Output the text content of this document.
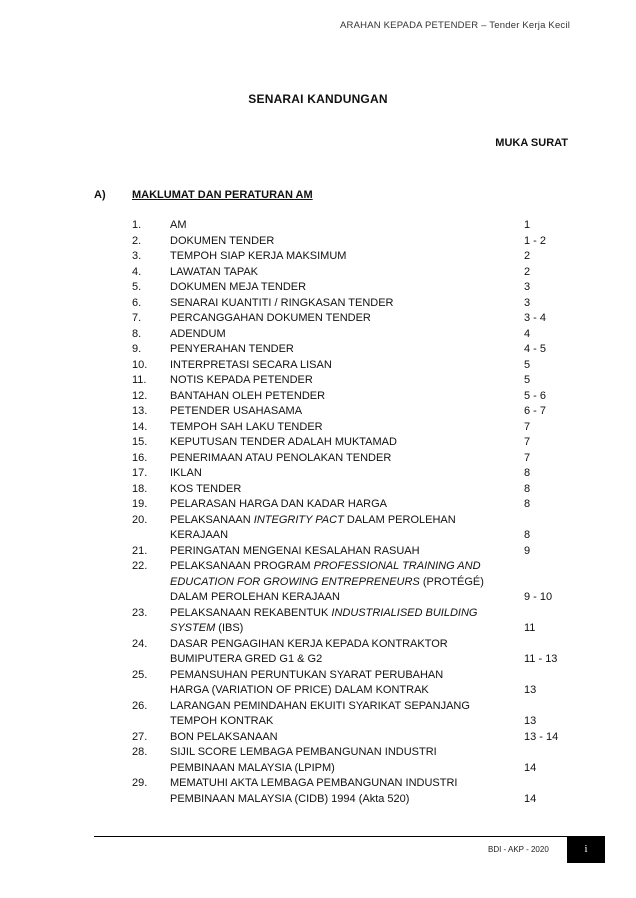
ARAHAN KEPADA PETENDER – Tender Kerja Kecil
SENARAI KANDUNGAN
MUKA SURAT
A) MAKLUMAT DAN PERATURAN AM
1.	AM	1
2.	DOKUMEN TENDER	1 - 2
3.	TEMPOH SIAP KERJA MAKSIMUM	2
4.	LAWATAN TAPAK	2
5.	DOKUMEN MEJA TENDER	3
6.	SENARAI KUANTITI / RINGKASAN TENDER	3
7.	PERCANGGAHAN DOKUMEN TENDER	3 - 4
8.	ADENDUM	4
9.	PENYERAHAN TENDER	4 - 5
10. INTERPRETASI SECARA LISAN	5
11. NOTIS KEPADA PETENDER	5
12. BANTAHAN OLEH PETENDER	5 - 6
13. PETENDER USAHASAMA	6 - 7
14. TEMPOH SAH LAKU TENDER	7
15. KEPUTUSAN TENDER ADALAH MUKTAMAD	7
16. PENERIMAAN ATAU PENOLAKAN TENDER	7
17. IKLAN	8
18. KOS TENDER	8
19. PELARASAN HARGA DAN KADAR HARGA	8
20. PELAKSANAAN INTEGRITY PACT DALAM PEROLEHAN
KERAJAAN	8
21. PERINGATAN MENGENAI KESALAHAN RASUAH	9
22. PELAKSANAAN PROGRAM PROFESSIONAL TRAINING AND
EDUCATION FOR GROWING ENTREPRENEURS (PROTÉGÉ)
DALAM PEROLEHAN KERAJAAN	9 - 10
23. PELAKSANAAN REKABENTUK INDUSTRIALISED BUILDING
SYSTEM (IBS)	11
24. DASAR PENGAGIHAN KERJA KEPADA KONTRAKTOR
BUMIPUTERA GRED G1 & G2	11 - 13
25. PEMANSUHAN PERUNTUKAN SYARAT PERUBAHAN
HARGA (VARIATION OF PRICE) DALAM KONTRAK	13
26. LARANGAN PEMINDAHAN EKUITI SYARIKAT SEPANJANG
TEMPOH KONTRAK	13
27. BON PELAKSANAAN	13 - 14
28. SIJIL SCORE LEMBAGA PEMBANGUNAN INDUSTRI
PEMBINAAN MALAYSIA (LPIPM)	14
29. MEMATUHI AKTA LEMBAGA PEMBANGUNAN INDUSTRI
PEMBINAAN MALAYSIA (CIDB) 1994 (Akta 520)	14
BDI - AKP - 2020	i
